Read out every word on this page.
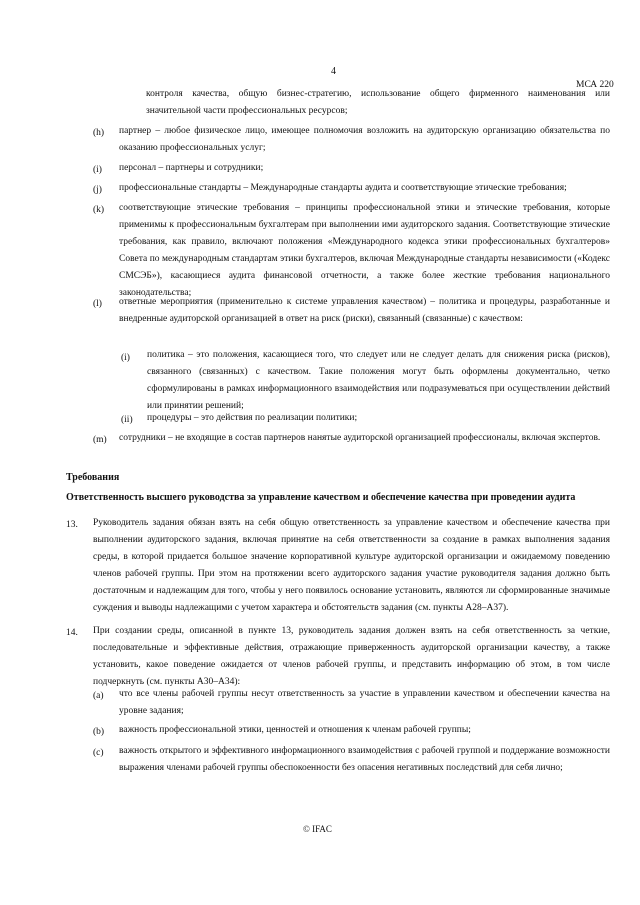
4
МСА 220

контроля качества, общую бизнес-стратегию, использование общего фирменного наименования или значительной части профессиональных ресурсов;

(h) партнер – любое физическое лицо, имеющее полномочия возложить на аудиторскую организацию обязательства по оказанию профессиональных услуг;

(i) персонал – партнеры и сотрудники;

(j) профессиональные стандарты – Международные стандарты аудита и соответствующие этические требования;

(k) соответствующие этические требования – принципы профессиональной этики и этические требования, которые применимы к профессиональным бухгалтерам при выполнении ими аудиторского задания. Соответствующие этические требования, как правило, включают положения «Международного кодекса этики профессиональных бухгалтеров» Совета по международным стандартам этики бухгалтеров, включая Международные стандарты независимости («Кодекс СМСЭБ»), касающиеся аудита финансовой отчетности, а также более жесткие требования национального законодательства;

(l) ответные мероприятия (применительно к системе управления качеством) – политика и процедуры, разработанные и внедренные аудиторской организацией в ответ на риск (риски), связанный (связанные) с качеством:

(i) политика – это положения, касающиеся того, что следует или не следует делать для снижения риска (рисков), связанного (связанных) с качеством. Такие положения могут быть оформлены документально, четко сформулированы в рамках информационного взаимодействия или подразумеваться при осуществлении действий или принятии решений;

(ii) процедуры – это действия по реализации политики;

(m) сотрудники – не входящие в состав партнеров нанятые аудиторской организацией профессионалы, включая экспертов.

Требования
Ответственность высшего руководства за управление качеством и обеспечение качества при проведении аудита
13. Руководитель задания обязан взять на себя общую ответственность за управление качеством и обеспечение качества при выполнении аудиторского задания, включая принятие на себя ответственности за создание в рамках выполнения задания среды, в которой придается большое значение корпоративной культуре аудиторской организации и ожидаемому поведению членов рабочей группы. При этом на протяжении всего аудиторского задания участие руководителя задания должно быть достаточным и надлежащим для того, чтобы у него появилось основание установить, являются ли сформированные значимые суждения и выводы надлежащими с учетом характера и обстоятельств задания (см. пункты A28–A37).

14. При создании среды, описанной в пункте 13, руководитель задания должен взять на себя ответственность за четкие, последовательные и эффективные действия, отражающие приверженность аудиторской организации качеству, а также установить, какое поведение ожидается от членов рабочей группы, и представить информацию об этом, в том числе подчеркнуть (см. пункты A30–A34):

(a) что все члены рабочей группы несут ответственность за участие в управлении качеством и обеспечении качества на уровне задания;

(b) важность профессиональной этики, ценностей и отношения к членам рабочей группы;

(c) важность открытого и эффективного информационного взаимодействия с рабочей группой и поддержание возможности выражения членами рабочей группы обеспокоенности без опасения негативных последствий для себя лично;

© IFAC
